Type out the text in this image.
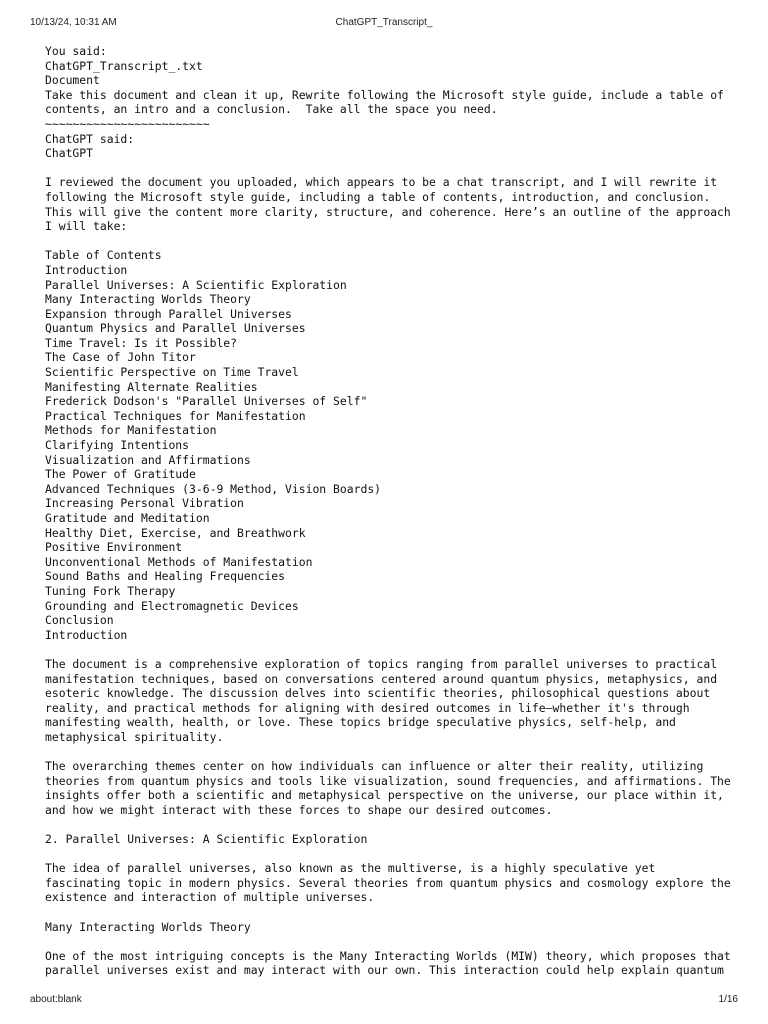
10/13/24, 10:31 AM	ChatGPT_Transcript_
You said:
ChatGPT_Transcript_.txt
Document
Take this document and clean it up, Rewrite following the Microsoft style guide, include a table of
contents, an intro and a conclusion.  Take all the space you need.
~~~~~~~~~~~~~~~~~~~~~~~~
ChatGPT said:
ChatGPT
I reviewed the document you uploaded, which appears to be a chat transcript, and I will rewrite it
following the Microsoft style guide, including a table of contents, introduction, and conclusion.
This will give the content more clarity, structure, and coherence. Here’s an outline of the approach
I will take:
Table of Contents
Introduction
Parallel Universes: A Scientific Exploration
Many Interacting Worlds Theory
Expansion through Parallel Universes
Quantum Physics and Parallel Universes
Time Travel: Is it Possible?
The Case of John Titor
Scientific Perspective on Time Travel
Manifesting Alternate Realities
Frederick Dodson's "Parallel Universes of Self"
Practical Techniques for Manifestation
Methods for Manifestation
Clarifying Intentions
Visualization and Affirmations
The Power of Gratitude
Advanced Techniques (3-6-9 Method, Vision Boards)
Increasing Personal Vibration
Gratitude and Meditation
Healthy Diet, Exercise, and Breathwork
Positive Environment
Unconventional Methods of Manifestation
Sound Baths and Healing Frequencies
Tuning Fork Therapy
Grounding and Electromagnetic Devices
Conclusion
Introduction
The document is a comprehensive exploration of topics ranging from parallel universes to practical
manifestation techniques, based on conversations centered around quantum physics, metaphysics, and
esoteric knowledge. The discussion delves into scientific theories, philosophical questions about
reality, and practical methods for aligning with desired outcomes in life—whether it's through
manifesting wealth, health, or love. These topics bridge speculative physics, self-help, and
metaphysical spirituality.
The overarching themes center on how individuals can influence or alter their reality, utilizing
theories from quantum physics and tools like visualization, sound frequencies, and affirmations. The
insights offer both a scientific and metaphysical perspective on the universe, our place within it,
and how we might interact with these forces to shape our desired outcomes.
2. Parallel Universes: A Scientific Exploration
The idea of parallel universes, also known as the multiverse, is a highly speculative yet
fascinating topic in modern physics. Several theories from quantum physics and cosmology explore the
existence and interaction of multiple universes.
Many Interacting Worlds Theory
One of the most intriguing concepts is the Many Interacting Worlds (MIW) theory, which proposes that
parallel universes exist and may interact with our own. This interaction could help explain quantum
about:blank	1/16
